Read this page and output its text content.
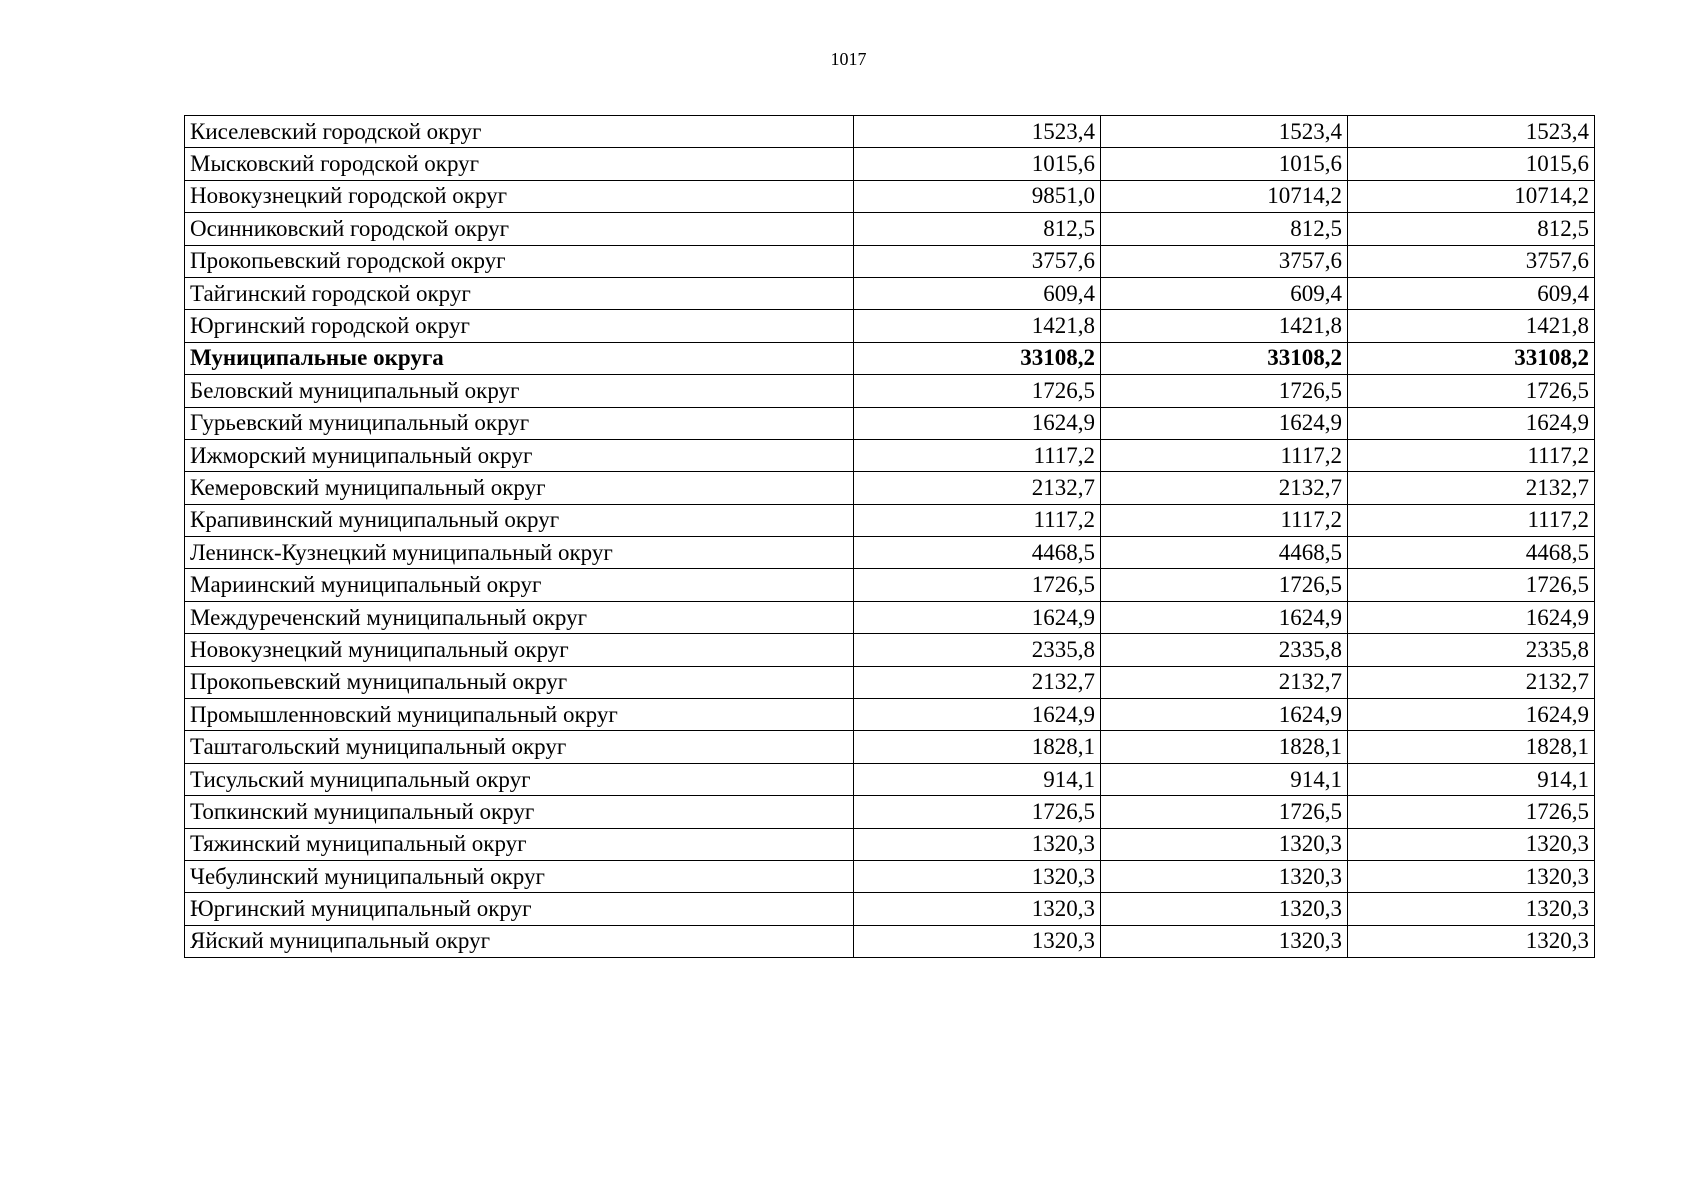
1017
Киселевский городской округ	1523,4	1523,4	1523,4
Мысковский городской округ	1015,6	1015,6	1015,6
Новокузнецкий городской округ	9851,0	10714,2	10714,2
Осинниковский городской округ	812,5	812,5	812,5
Прокопьевский городской округ	3757,6	3757,6	3757,6
Тайгинский городской округ	609,4	609,4	609,4
Юргинский городской округ	1421,8	1421,8	1421,8
Муниципальные округа	33108,2	33108,2	33108,2
Беловский муниципальный округ	1726,5	1726,5	1726,5
Гурьевский муниципальный округ	1624,9	1624,9	1624,9
Ижморский муниципальный округ	1117,2	1117,2	1117,2
Кемеровский муниципальный округ	2132,7	2132,7	2132,7
Крапивинский муниципальный округ	1117,2	1117,2	1117,2
Ленинск-Кузнецкий муниципальный округ	4468,5	4468,5	4468,5
Мариинский муниципальный округ	1726,5	1726,5	1726,5
Междуреченский муниципальный округ	1624,9	1624,9	1624,9
Новокузнецкий муниципальный округ	2335,8	2335,8	2335,8
Прокопьевский муниципальный округ	2132,7	2132,7	2132,7
Промышленновский муниципальный округ	1624,9	1624,9	1624,9
Таштагольский муниципальный округ	1828,1	1828,1	1828,1
Тисульский муниципальный округ	914,1	914,1	914,1
Топкинский муниципальный округ	1726,5	1726,5	1726,5
Тяжинский муниципальный округ	1320,3	1320,3	1320,3
Чебулинский муниципальный округ	1320,3	1320,3	1320,3
Юргинский муниципальный округ	1320,3	1320,3	1320,3
Яйский муниципальный округ	1320,3	1320,3	1320,3
